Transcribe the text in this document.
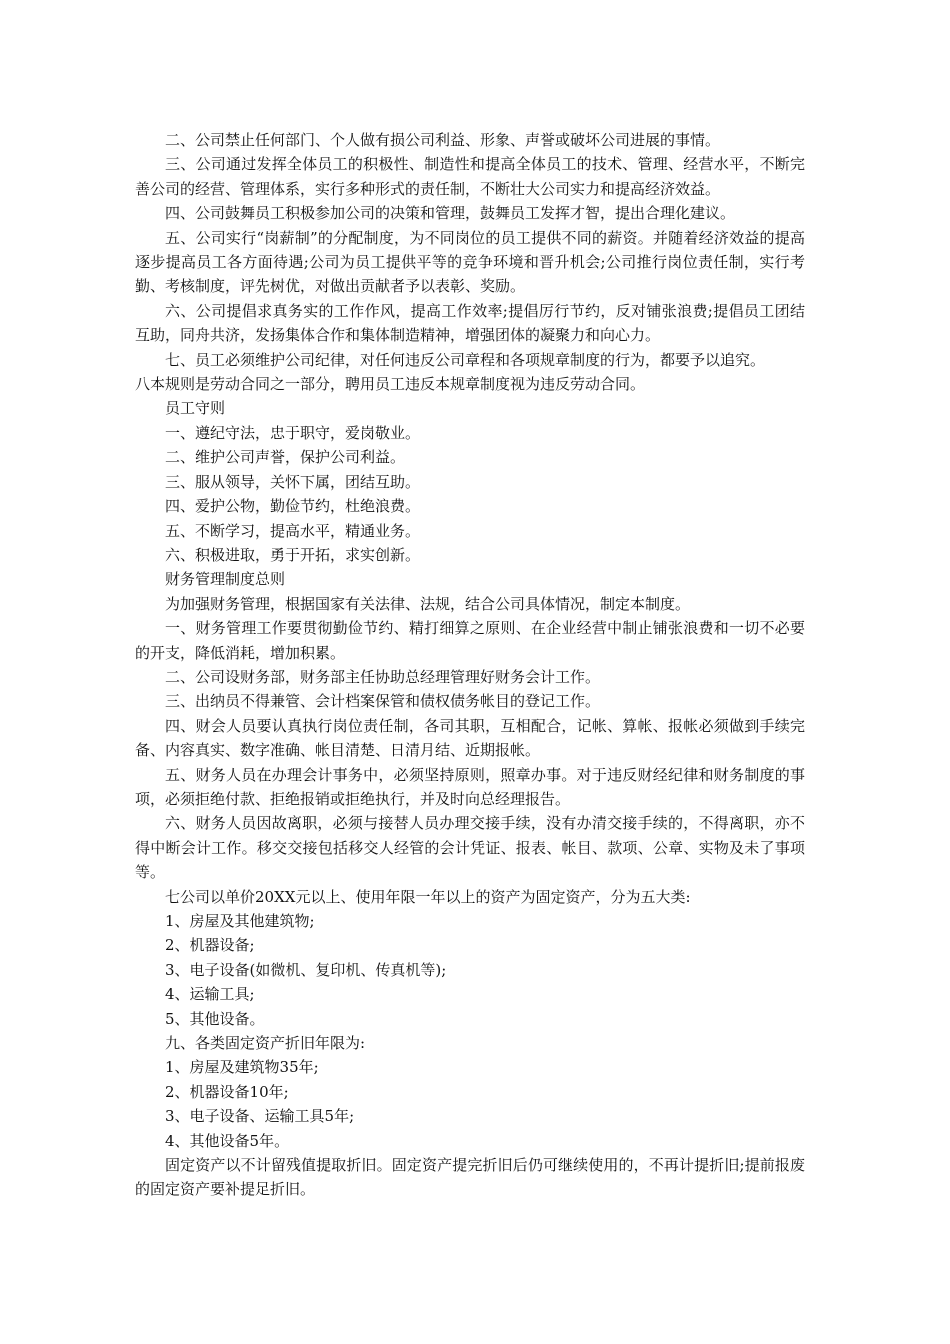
二、公司禁止任何部门、个人做有损公司利益、形象、声誉或破坏公司进展的事情。

三、公司通过发挥全体员工的积极性、制造性和提高全体员工的技术、管理、经营水平，不断完善公司的经营、管理体系，实行多种形式的责任制，不断壮大公司实力和提高经济效益。

四、公司鼓舞员工积极参加公司的决策和管理，鼓舞员工发挥才智，提出合理化建议。

五、公司实行“岗薪制”的分配制度，为不同岗位的员工提供不同的薪资。并随着经济效益的提高逐步提高员工各方面待遇;公司为员工提供平等的竞争环境和晋升机会;公司推行岗位责任制，实行考勤、考核制度，评先树优，对做出贡献者予以表彰、奖励。

六、公司提倡求真务实的工作作风，提高工作效率;提倡厉行节约，反对铺张浪费;提倡员工团结互助，同舟共济，发扬集体合作和集体制造精神，增强团体的凝聚力和向心力。

七、员工必须维护公司纪律，对任何违反公司章程和各项规章制度的行为，都要予以追究。

八本规则是劳动合同之一部分，聘用员工违反本规章制度视为违反劳动合同。

员工守则

一、遵纪守法，忠于职守，爱岗敬业。

二、维护公司声誉，保护公司利益。

三、服从领导，关怀下属，团结互助。

四、爱护公物，勤俭节约，杜绝浪费。

五、不断学习，提高水平，精通业务。

六、积极进取，勇于开拓，求实创新。

财务管理制度总则

为加强财务管理，根据国家有关法律、法规，结合公司具体情况，制定本制度。

一、财务管理工作要贯彻勤俭节约、精打细算之原则、在企业经营中制止铺张浪费和一切不必要的开支，降低消耗，增加积累。

二、公司设财务部，财务部主任协助总经理管理好财务会计工作。

三、出纳员不得兼管、会计档案保管和债权债务帐目的登记工作。

四、财会人员要认真执行岗位责任制，各司其职，互相配合，记帐、算帐、报帐必须做到手续完备、内容真实、数字准确、帐目清楚、日清月结、近期报帐。

五、财务人员在办理会计事务中，必须坚持原则，照章办事。对于违反财经纪律和财务制度的事项，必须拒绝付款、拒绝报销或拒绝执行，并及时向总经理报告。

六、财务人员因故离职，必须与接替人员办理交接手续，没有办清交接手续的，不得离职，亦不得中断会计工作。移交交接包括移交人经管的会计凭证、报表、帐目、款项、公章、实物及未了事项等。

七公司以单价20XX元以上、使用年限一年以上的资产为固定资产，分为五大类:

1、房屋及其他建筑物;

2、机器设备;

3、电子设备(如微机、复印机、传真机等);

4、运输工具;

5、其他设备。

九、各类固定资产折旧年限为:

1、房屋及建筑物35年;

2、机器设备10年;

3、电子设备、运输工具5年;

4、其他设备5年。

固定资产以不计留残值提取折旧。固定资产提完折旧后仍可继续使用的，不再计提折旧;提前报废的固定资产要补提足折旧。
